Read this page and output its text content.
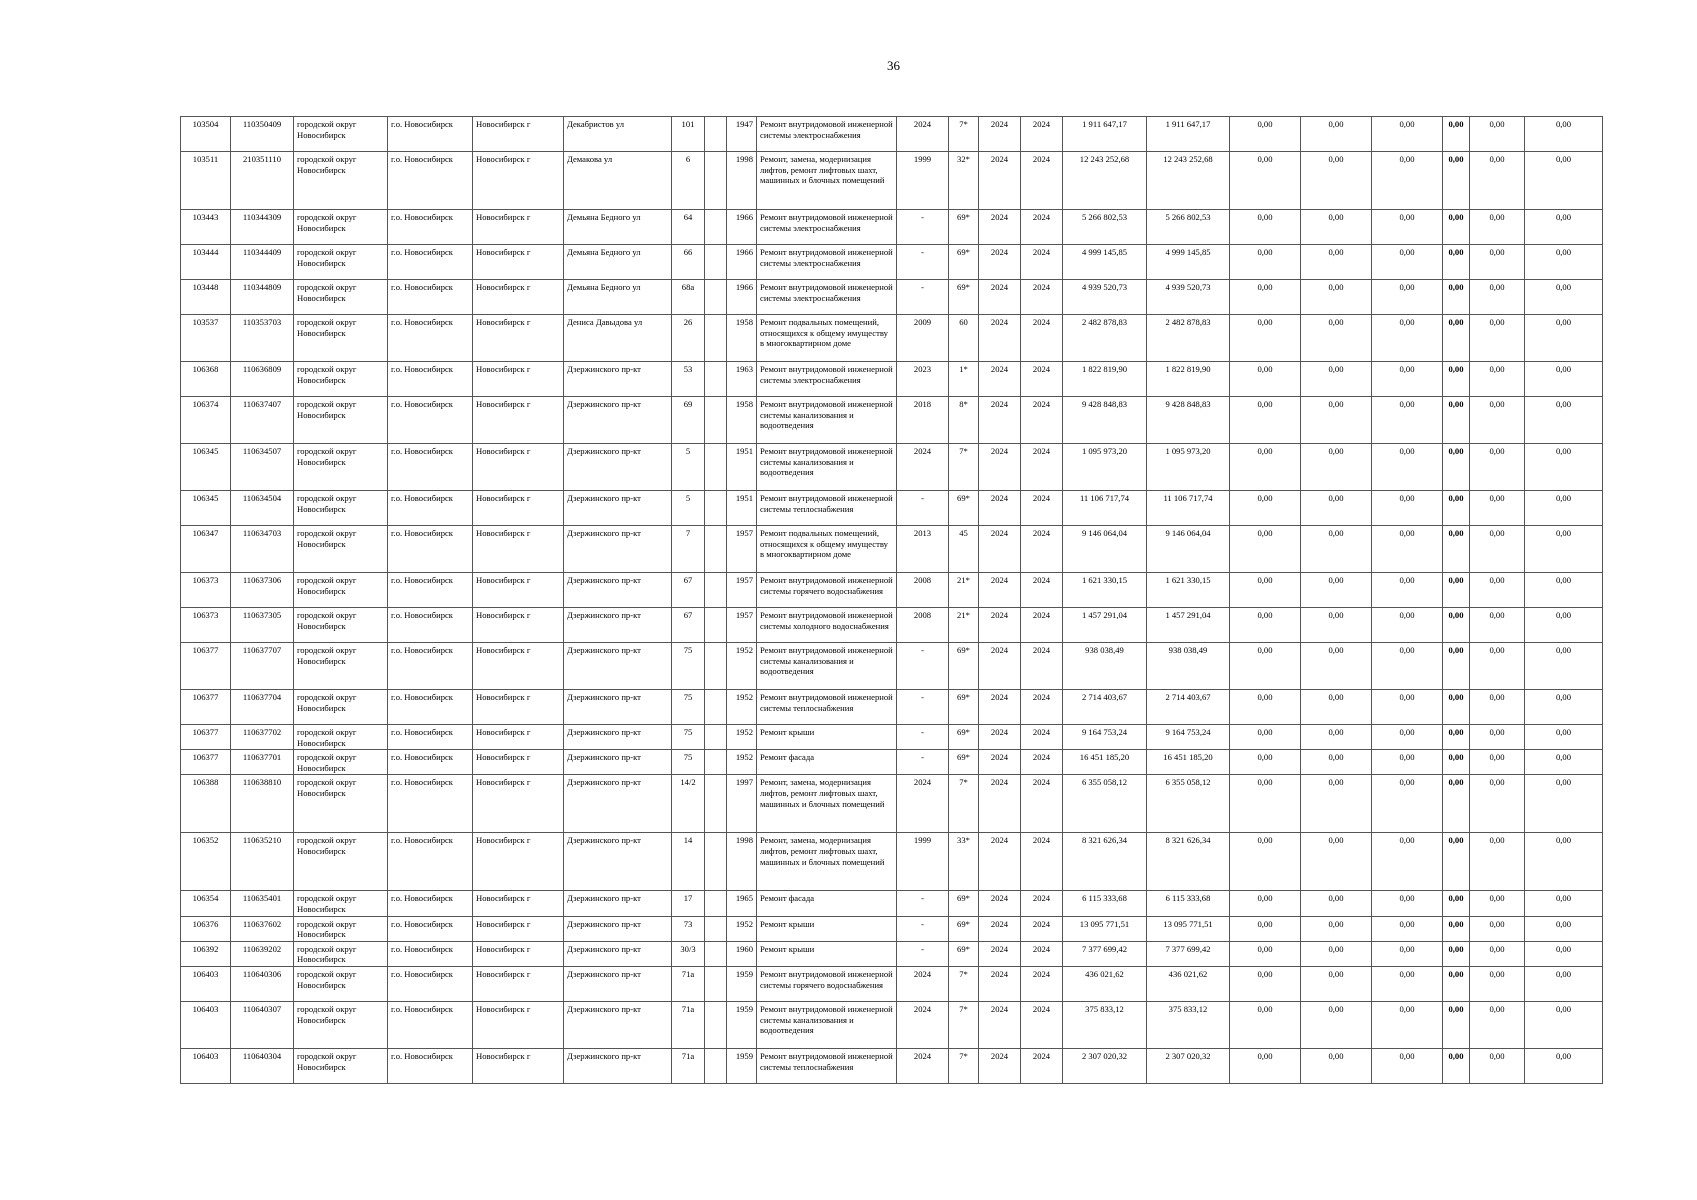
36
103504	110350409	городской округ Новосибирск	г.о. Новосибирск	Новосибирск г	Декабристов ул	101		1947	Ремонт внутридомовой инженерной системы электроснабжения	2024	7*	2024	2024	1 911 647,17	1 911 647,17	0,00	0,00	0,00	0,00	0,00	0,00
103511	210351110	городской округ Новосибирск	г.о. Новосибирск	Новосибирск г	Демакова ул	6		1998	Ремонт, замена, модернизация лифтов, ремонт лифтовых шахт, машинных и блочных помещений	1999	32*	2024	2024	12 243 252,68	12 243 252,68	0,00	0,00	0,00	0,00	0,00	0,00
103443	110344309	городской округ Новосибирск	г.о. Новосибирск	Новосибирск г	Демьяна Бедного ул	64		1966	Ремонт внутридомовой инженерной системы электроснабжения	-	69*	2024	2024	5 266 802,53	5 266 802,53	0,00	0,00	0,00	0,00	0,00	0,00
103444	110344409	городской округ Новосибирск	г.о. Новосибирск	Новосибирск г	Демьяна Бедного ул	66		1966	Ремонт внутридомовой инженерной системы электроснабжения	-	69*	2024	2024	4 999 145,85	4 999 145,85	0,00	0,00	0,00	0,00	0,00	0,00
103448	110344809	городской округ Новосибирск	г.о. Новосибирск	Новосибирск г	Демьяна Бедного ул	68а		1966	Ремонт внутридомовой инженерной системы электроснабжения	-	69*	2024	2024	4 939 520,73	4 939 520,73	0,00	0,00	0,00	0,00	0,00	0,00
103537	110353703	городской округ Новосибирск	г.о. Новосибирск	Новосибирск г	Дениса Давыдова ул	26		1958	Ремонт подвальных помещений, относящихся к общему имуществу в многоквартирном доме	2009	60	2024	2024	2 482 878,83	2 482 878,83	0,00	0,00	0,00	0,00	0,00	0,00
106368	110636809	городской округ Новосибирск	г.о. Новосибирск	Новосибирск г	Дзержинского пр-кт	53		1963	Ремонт внутридомовой инженерной системы электроснабжения	2023	1*	2024	2024	1 822 819,90	1 822 819,90	0,00	0,00	0,00	0,00	0,00	0,00
106374	110637407	городской округ Новосибирск	г.о. Новосибирск	Новосибирск г	Дзержинского пр-кт	69		1958	Ремонт внутридомовой инженерной системы канализования и водоотведения	2018	8*	2024	2024	9 428 848,83	9 428 848,83	0,00	0,00	0,00	0,00	0,00	0,00
106345	110634507	городской округ Новосибирск	г.о. Новосибирск	Новосибирск г	Дзержинского пр-кт	5		1951	Ремонт внутридомовой инженерной системы канализования и водоотведения	2024	7*	2024	2024	1 095 973,20	1 095 973,20	0,00	0,00	0,00	0,00	0,00	0,00
106345	110634504	городской округ Новосибирск	г.о. Новосибирск	Новосибирск г	Дзержинского пр-кт	5		1951	Ремонт внутридомовой инженерной системы теплоснабжения	-	69*	2024	2024	11 106 717,74	11 106 717,74	0,00	0,00	0,00	0,00	0,00	0,00
106347	110634703	городской округ Новосибирск	г.о. Новосибирск	Новосибирск г	Дзержинского пр-кт	7		1957	Ремонт подвальных помещений, относящихся к общему имуществу в многоквартирном доме	2013	45	2024	2024	9 146 064,04	9 146 064,04	0,00	0,00	0,00	0,00	0,00	0,00
106373	110637306	городской округ Новосибирск	г.о. Новосибирск	Новосибирск г	Дзержинского пр-кт	67		1957	Ремонт внутридомовой инженерной системы горячего водоснабжения	2008	21*	2024	2024	1 621 330,15	1 621 330,15	0,00	0,00	0,00	0,00	0,00	0,00
106373	110637305	городской округ Новосибирск	г.о. Новосибирск	Новосибирск г	Дзержинского пр-кт	67		1957	Ремонт внутридомовой инженерной системы холодного водоснабжения	2008	21*	2024	2024	1 457 291,04	1 457 291,04	0,00	0,00	0,00	0,00	0,00	0,00
106377	110637707	городской округ Новосибирск	г.о. Новосибирск	Новосибирск г	Дзержинского пр-кт	75		1952	Ремонт внутридомовой инженерной системы канализования и водоотведения	-	69*	2024	2024	938 038,49	938 038,49	0,00	0,00	0,00	0,00	0,00	0,00
106377	110637704	городской округ Новосибирск	г.о. Новосибирск	Новосибирск г	Дзержинского пр-кт	75		1952	Ремонт внутридомовой инженерной системы теплоснабжения	-	69*	2024	2024	2 714 403,67	2 714 403,67	0,00	0,00	0,00	0,00	0,00	0,00
106377	110637702	городской округ Новосибирск	г.о. Новосибирск	Новосибирск г	Дзержинского пр-кт	75		1952	Ремонт крыши	-	69*	2024	2024	9 164 753,24	9 164 753,24	0,00	0,00	0,00	0,00	0,00	0,00
106377	110637701	городской округ Новосибирск	г.о. Новосибирск	Новосибирск г	Дзержинского пр-кт	75		1952	Ремонт фасада	-	69*	2024	2024	16 451 185,20	16 451 185,20	0,00	0,00	0,00	0,00	0,00	0,00
106388	110638810	городской округ Новосибирск	г.о. Новосибирск	Новосибирск г	Дзержинского пр-кт	14/2		1997	Ремонт, замена, модернизация лифтов, ремонт лифтовых шахт, машинных и блочных помещений	2024	7*	2024	2024	6 355 058,12	6 355 058,12	0,00	0,00	0,00	0,00	0,00	0,00
106352	110635210	городской округ Новосибирск	г.о. Новосибирск	Новосибирск г	Дзержинского пр-кт	14		1998	Ремонт, замена, модернизация лифтов, ремонт лифтовых шахт, машинных и блочных помещений	1999	33*	2024	2024	8 321 626,34	8 321 626,34	0,00	0,00	0,00	0,00	0,00	0,00
106354	110635401	городской округ Новосибирск	г.о. Новосибирск	Новосибирск г	Дзержинского пр-кт	17		1965	Ремонт фасада	-	69*	2024	2024	6 115 333,68	6 115 333,68	0,00	0,00	0,00	0,00	0,00	0,00
106376	110637602	городской округ Новосибирск	г.о. Новосибирск	Новосибирск г	Дзержинского пр-кт	73		1952	Ремонт крыши	-	69*	2024	2024	13 095 771,51	13 095 771,51	0,00	0,00	0,00	0,00	0,00	0,00
106392	110639202	городской округ Новосибирск	г.о. Новосибирск	Новосибирск г	Дзержинского пр-кт	30/3		1960	Ремонт крыши	-	69*	2024	2024	7 377 699,42	7 377 699,42	0,00	0,00	0,00	0,00	0,00	0,00
106403	110640306	городской округ Новосибирск	г.о. Новосибирск	Новосибирск г	Дзержинского пр-кт	71а		1959	Ремонт внутридомовой инженерной системы горячего водоснабжения	2024	7*	2024	2024	436 021,62	436 021,62	0,00	0,00	0,00	0,00	0,00	0,00
106403	110640307	городской округ Новосибирск	г.о. Новосибирск	Новосибирск г	Дзержинского пр-кт	71а		1959	Ремонт внутридомовой инженерной системы канализования и водоотведения	2024	7*	2024	2024	375 833,12	375 833,12	0,00	0,00	0,00	0,00	0,00	0,00
106403	110640304	городской округ Новосибирск	г.о. Новосибирск	Новосибирск г	Дзержинского пр-кт	71а		1959	Ремонт внутридомовой инженерной системы теплоснабжения	2024	7*	2024	2024	2 307 020,32	2 307 020,32	0,00	0,00	0,00	0,00	0,00	0,00
